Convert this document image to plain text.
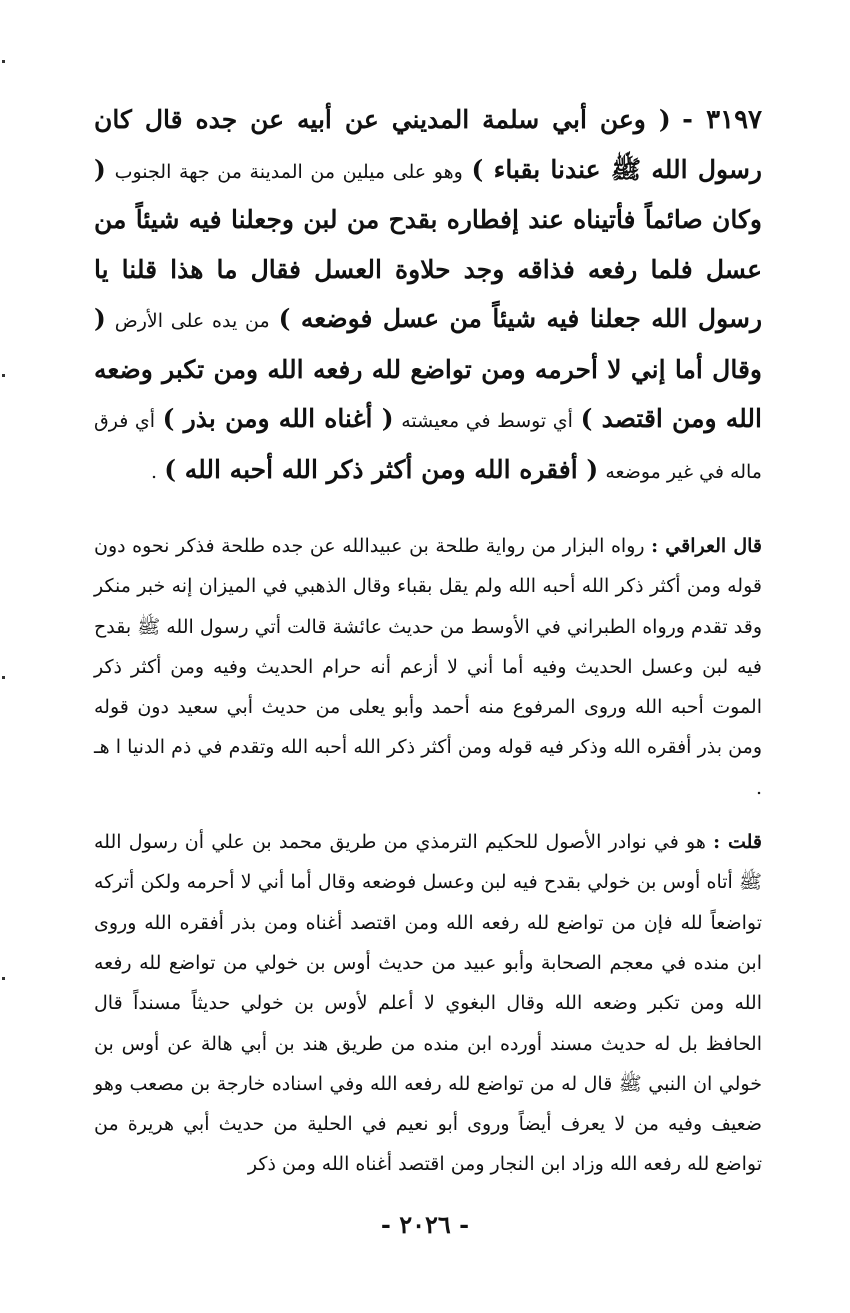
٣١٩٧ - ( وعن أبي سلمة المديني عن أبيه عن جده قال كان رسول الله ﷺ عندنا بقباء ) وهو على ميلين من المدينة من جهة الجنوب ( وكان صائماً فأتيناه عند إفطاره بقدح من لبن وجعلنا فيه شيئاً من عسل فلما رفعه فذاقه وجد حلاوة العسل فقال ما هذا قلنا يا رسول الله جعلنا فيه شيئاً من عسل فوضعه ) من يده على الأرض ( وقال أما إني لا أحرمه ومن تواضع لله رفعه الله ومن تكبر وضعه الله ومن اقتصد ) أي توسط في معيشته ( أغناه الله ومن بذر ) أي فرق ماله في غير موضعه ( أفقره الله ومن أكثر ذكر الله أحبه الله ) .

قال العراقي : رواه البزار من رواية طلحة بن عبيدالله عن جده طلحة فذكر نحوه دون قوله ومن أكثر ذكر الله أحبه الله ولم يقل بقباء وقال الذهبي في الميزان إنه خبر منكر وقد تقدم ورواه الطبراني في الأوسط من حديث عائشة قالت أتي رسول الله ﷺ بقدح فيه لبن وعسل الحديث وفيه أما أني لا أزعم أنه حرام الحديث وفيه ومن أكثر ذكر الموت أحبه الله وروى المرفوع منه أحمد وأبو يعلى من حديث أبي سعيد دون قوله ومن بذر أفقره الله وذكر فيه قوله ومن أكثر ذكر الله أحبه الله وتقدم في ذم الدنيا ا هـ .

قلت : هو في نوادر الأصول للحكيم الترمذي من طريق محمد بن علي أن رسول الله ﷺ أتاه أوس بن خولي بقدح فيه لبن وعسل فوضعه وقال أما أني لا أحرمه ولكن أتركه تواضعاً لله فإن من تواضع لله رفعه الله ومن اقتصد أغناه ومن بذر أفقره الله وروى ابن منده في معجم الصحابة وأبو عبيد من حديث أوس بن خولي من تواضع لله رفعه الله ومن تكبر وضعه الله وقال البغوي لا أعلم لأوس بن خولي حديثاً مسنداً قال الحافظ بل له حديث مسند أورده ابن منده من طريق هند بن أبي هالة عن أوس بن خولي ان النبي ﷺ قال له من تواضع لله رفعه الله وفي اسناده خارجة بن مصعب وهو ضعيف وفيه من لا يعرف أيضاً وروى أبو نعيم في الحلية من حديث أبي هريرة من تواضع لله رفعه الله وزاد ابن النجار ومن اقتصد أغناه الله ومن ذكر

- ٢٠٢٦ -
